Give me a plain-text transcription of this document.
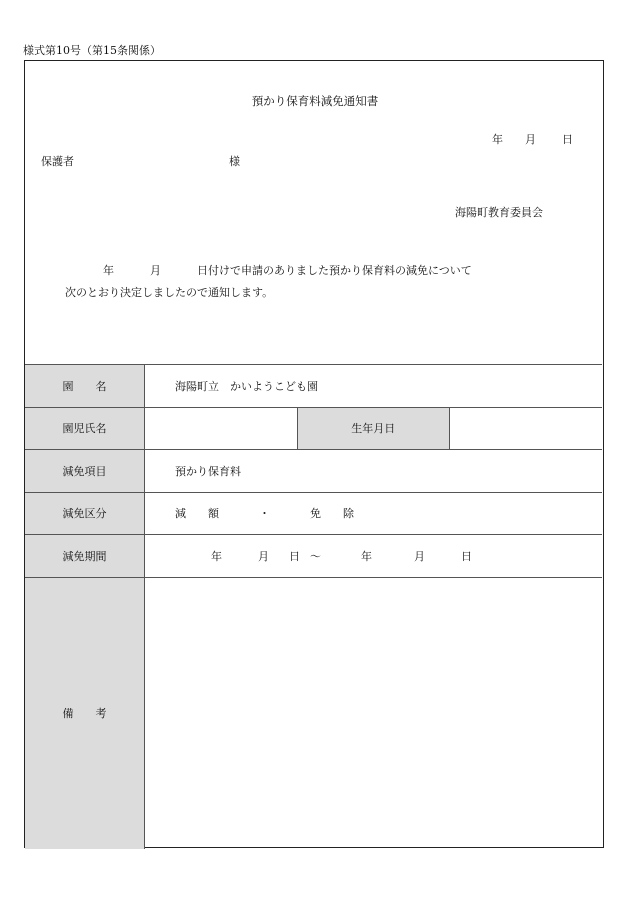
様式第10号（第15条関係）
預かり保育料減免通知書
年 月 日
保護者	様
海陽町教育委員会
年	月	日付けで申請のありました預かり保育料の減免について
次のとおり決定しましたので通知します。
園　　名	海陽町立　かいようこども園		
園児氏名		生年月日	
減免項目	預かり保育料		
減免区分	減　　額 ・ 免　　除		
減免期間	年 月 日 ～ 年 月 日		
備　　考			
